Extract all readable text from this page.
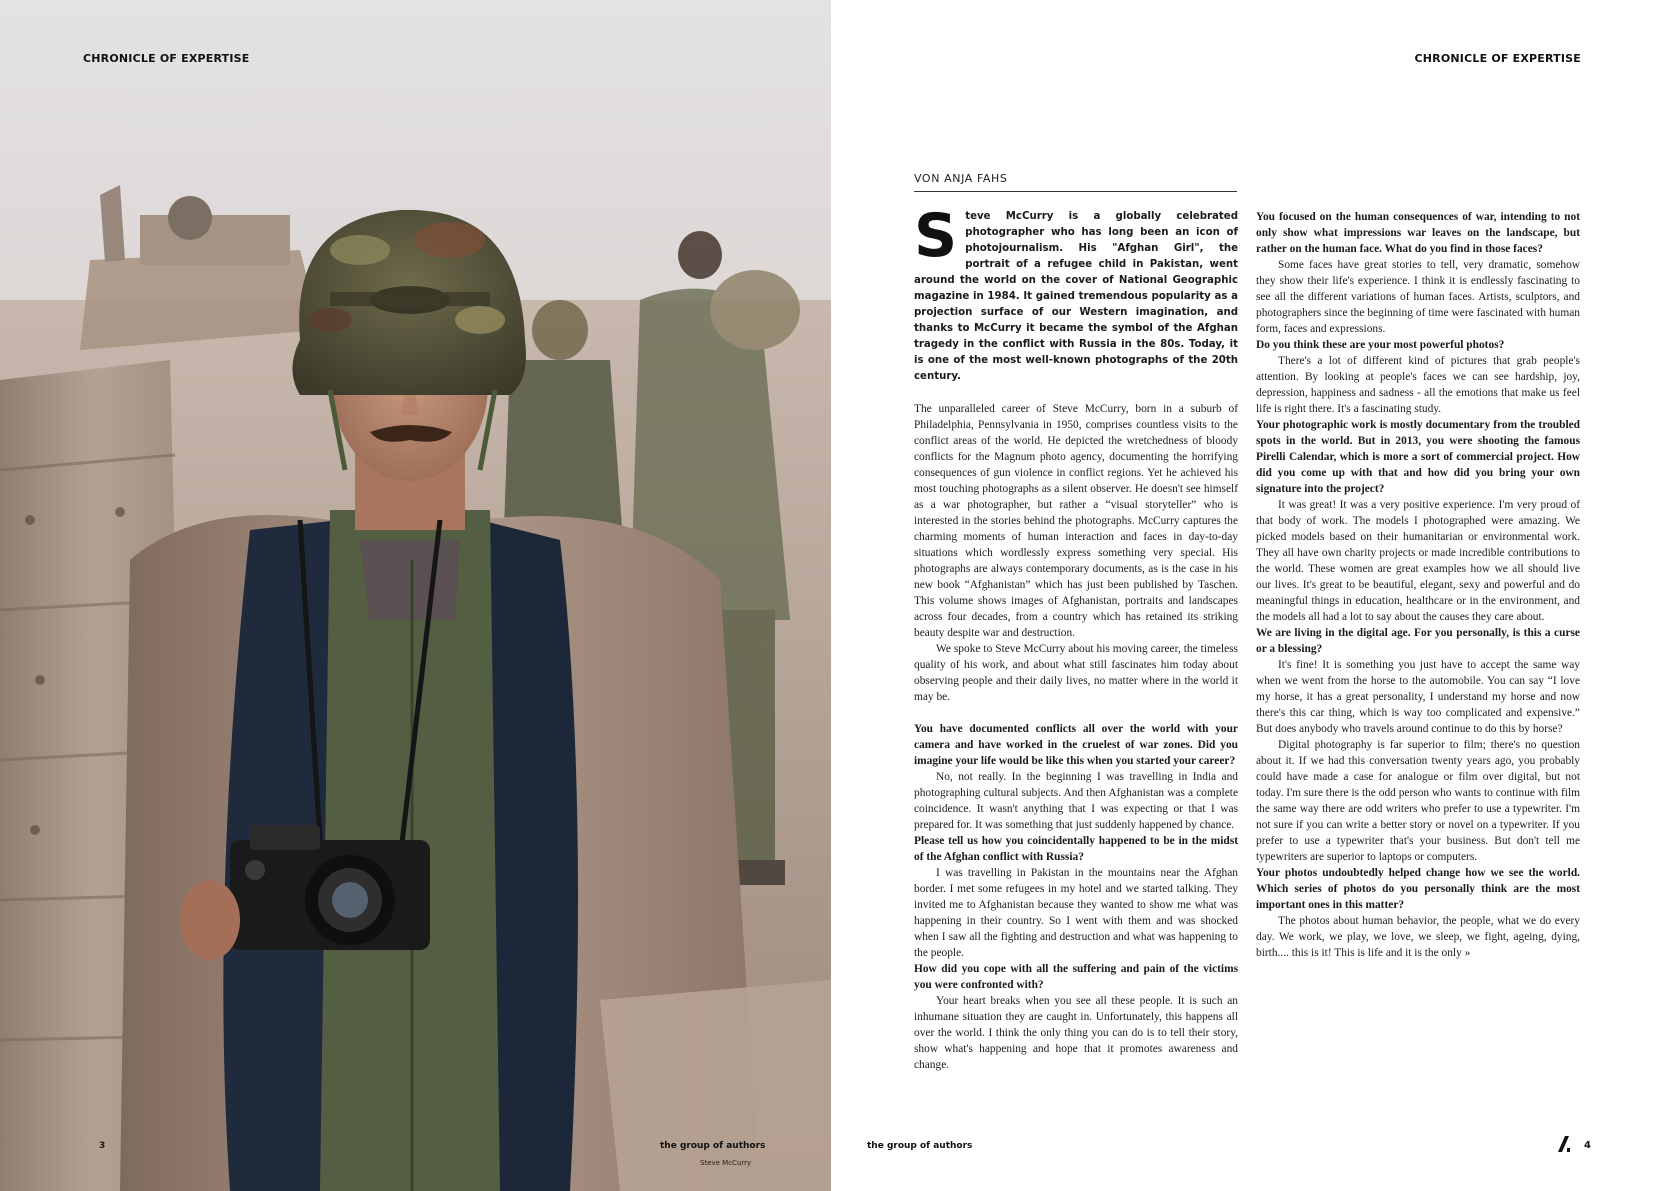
CHRONICLE OF EXPERTISE
3	the group of authors
Steve McCurry
CHRONICLE OF EXPERTISE
VON ANJA FAHS

Steve McCurry is a globally celebrated photographer who has long been an icon of photojournalism. His "Afghan Girl", the portrait of a refugee child in Pakistan, went around the world on the cover of National Geographic magazine in 1984. It gained tremendous popularity as a projection surface of our Western imagination, and thanks to McCurry it became the symbol of the Afghan tragedy in the conflict with Russia in the 80s. Today, it is one of the most well-known photographs of the 20th century.

The unparalleled career of Steve McCurry, born in a suburb of Philadelphia, Pennsylvania in 1950, comprises countless visits to the conflict areas of the world. He depicted the wretchedness of bloody conflicts for the Magnum photo agency, documenting the horrifying consequences of gun violence in conflict regions. Yet he achieved his most touching photographs as a silent observer. He doesn't see himself as a war photographer, but rather a “visual storyteller” who is interested in the stories behind the photographs. McCurry captures the charming moments of human interaction and faces in day-to-day situations which wordlessly express something very special. His photographs are always contemporary documents, as is the case in his new book “Afghanistan” which has just been published by Taschen. This volume shows images of Afghanistan, portraits and landscapes across four decades, from a country which has retained its striking beauty despite war and destruction.

We spoke to Steve McCurry about his moving career, the timeless quality of his work, and about what still fascinates him today about observing people and their daily lives, no matter where in the world it may be.

You have documented conflicts all over the world with your camera and have worked in the cruelest of war zones. Did you imagine your life would be like this when you started your career?

No, not really. In the beginning I was travelling in India and photographing cultural subjects. And then Afghanistan was a complete coincidence. It wasn't anything that I was expecting or that I was prepared for. It was something that just suddenly happened by chance.

Please tell us how you coincidentally happened to be in the midst of the Afghan conflict with Russia?

I was travelling in Pakistan in the mountains near the Afghan border. I met some refugees in my hotel and we started talking. They invited me to Afghanistan because they wanted to show me what was happening in their country. So I went with them and was shocked when I saw all the fighting and destruction and what was happening to the people.

How did you cope with all the suffering and pain of the victims you were confronted with?

Your heart breaks when you see all these people. It is such an inhumane situation they are caught in. Unfortunately, this happens all over the world. I think the only thing you can do is to tell their story, show what's happening and hope that it promotes awareness and change.

You focused on the human consequences of war, intending to not only show what impressions war leaves on the landscape, but rather on the human face. What do you find in those faces?

Some faces have great stories to tell, very dramatic, somehow they show their life's experience. I think it is endlessly fascinating to see all the different variations of human faces. Artists, sculptors, and photographers since the beginning of time were fascinated with human form, faces and expressions.

Do you think these are your most powerful photos?

There's a lot of different kind of pictures that grab people's attention. By looking at people's faces we can see hardship, joy, depression, happiness and sadness - all the emotions that make us feel life is right there. It's a fascinating study.

Your photographic work is mostly documentary from the troubled spots in the world. But in 2013, you were shooting the famous Pirelli Calendar, which is more a sort of commercial project. How did you come up with that and how did you bring your own signature into the project?

It was great! It was a very positive experience. I'm very proud of that body of work. The models I photographed were amazing. We picked models based on their humanitarian or environmental work. They all have own charity projects or made incredible contributions to the world. These women are great examples how we all should live our lives. It's great to be beautiful, elegant, sexy and powerful and do meaningful things in education, healthcare or in the environment, and the models all had a lot to say about the causes they care about.

We are living in the digital age. For you personally, is this a curse or a blessing?

It's fine! It is something you just have to accept the same way when we went from the horse to the automobile. You can say “I love my horse, it has a great personality, I understand my horse and now there's this car thing, which is way too complicated and expensive.” But does anybody who travels around continue to do this by horse?

Digital photography is far superior to film; there's no question about it. If we had this conversation twenty years ago, you probably could have made a case for analogue or film over digital, but not today. I'm sure there is the odd person who wants to continue with film the same way there are odd writers who prefer to use a typewriter. I'm not sure if you can write a better story or novel on a typewriter. If you prefer to use a typewriter that's your business. But don't tell me typewriters are superior to laptops or computers.

Your photos undoubtedly helped change how we see the world. Which series of photos do you personally think are the most important ones in this matter?

The photos about human behavior, the people, what we do every day. We work, we play, we love, we sleep, we fight, ageing, dying, birth.... this is it! This is life and it is the only »

the group of authors	4
